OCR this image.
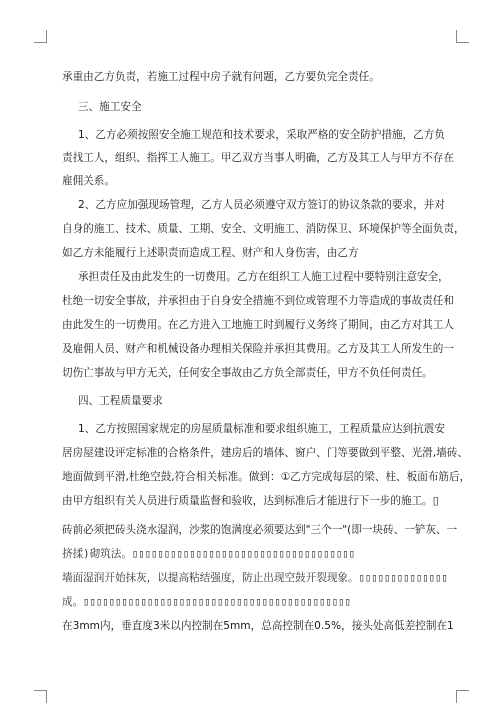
承重由乙方负责，若施工过程中房子就有问题，乙方要负完全责任。
三、施工安全
1、乙方必须按照安全施工规范和技术要求，采取严格的安全防护措施，乙方负
责找工人，组织、指挥工人施工。甲乙双方当事人明确，乙方及其工人与甲方不存在
雇佣关系。
2、乙方应加强现场管理，乙方人员必须遵守双方签订的协议条款的要求，并对
自身的施工、技术、质量、工期、安全、文明施工、消防保卫、环境保护等全面负责，
如乙方未能履行上述职责而造成工程、财产和人身伤害，由乙方
承担责任及由此发生的一切费用。乙方在组织工人施工过程中要特别注意安全，
杜绝一切安全事故，并承担由于自身安全措施不到位或管理不力等造成的事故责任和
由此发生的一切费用。在乙方进入工地施工时到履行义务终了期间，由乙方对其工人
及雇佣人员、财产和机械设备办理相关保险并承担其费用。乙方及其工人所发生的一
切伤亡事故与甲方无关，任何安全事故由乙方负全部责任，甲方不负任何责任。
四、工程质量要求
1、乙方按照国家规定的房屋质量标准和要求组织施工，工程质量应达到抗震安
居房屋建设评定标准的合格条件，建房后的墙体、窗户、门等要做到平整、光滑,墙砖、
地面做到平滑,杜绝空鼓,符合相关标准。做到：①乙方完成每层的梁、柱、板面布筋后，
由甲方组织有关人员进行质量监督和验收，达到标准后才能进行下一步的施工。▯
砖前必须把砖头浇水湿润，沙浆的饱满度必须要达到"三个一"(即一块砖、一铲灰、一
挤揉)砌筑法。▯▯▯▯▯▯▯▯▯▯▯▯▯▯▯▯▯▯▯▯▯▯▯▯▯▯▯▯▯▯▯▯▯▯▯
墙面湿润开始抹灰，以提高粘结强度，防止出现空鼓开裂现象。▯▯▯▯▯▯▯▯▯▯▯▯▯▯
成。▯▯▯▯▯▯▯▯▯▯▯▯▯▯▯▯▯▯▯▯▯▯▯▯▯▯▯▯▯▯▯▯▯▯▯▯▯▯▯▯▯▯
在3mm内，垂直度3米以内控制在5mm，总高控制在0.5%，接头处高低差控制在1
